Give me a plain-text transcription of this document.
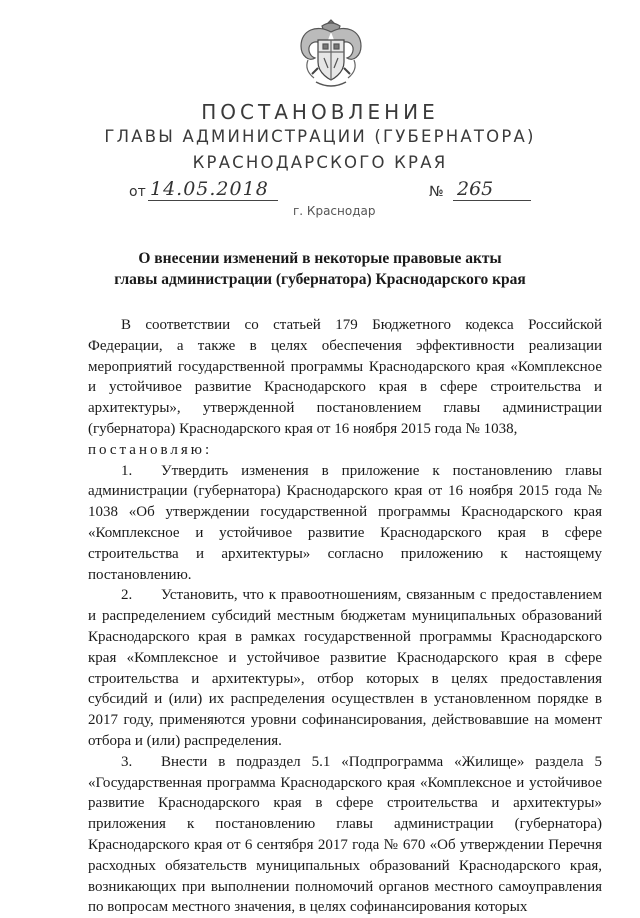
ПОСТАНОВЛЕНИЕ
ГЛАВЫ АДМИНИСТРАЦИИ (ГУБЕРНАТОРА)
КРАСНОДАРСКОГО КРАЯ
от 14.05.2018	№ 265
г. Краснодар
О внесении изменений в некоторые правовые акты
главы администрации (губернатора) Краснодарского края

В соответствии со статьей 179 Бюджетного кодекса Российской Федерации, а также в целях обеспечения эффективности реализации мероприятий государственной программы Краснодарского края «Комплексное и устойчивое развитие Краснодарского края в сфере строительства и архитектуры», утвержденной постановлением главы администрации (губернатора) Краснодарского края от 16 ноября 2015 года № 1038,

постановляю:

1. Утвердить изменения в приложение к постановлению главы администрации (губернатора) Краснодарского края от 16 ноября 2015 года № 1038 «Об утверждении государственной программы Краснодарского края «Комплексное и устойчивое развитие Краснодарского края в сфере строительства и архитектуры» согласно приложению к настоящему постановлению.

2. Установить, что к правоотношениям, связанным с предоставлением и распределением субсидий местным бюджетам муниципальных образований Краснодарского края в рамках государственной программы Краснодарского края «Комплексное и устойчивое развитие Краснодарского края в сфере строительства и архитектуры», отбор которых в целях предоставления субсидий и (или) их распределения осуществлен в установленном порядке в 2017 году, применяются уровни софинансирования, действовавшие на момент отбора и (или) распределения.

3. Внести в подраздел 5.1 «Подпрограмма «Жилище» раздела 5 «Государственная программа Краснодарского края «Комплексное и устойчивое развитие Краснодарского края в сфере строительства и архитектуры» приложения к постановлению главы администрации (губернатора) Краснодарского края от 6 сентября 2017 года № 670 «Об утверждении Перечня расходных обязательств муниципальных образований Краснодарского края, возникающих при выполнении полномочий органов местного самоуправления по вопросам местного значения, в целях софинансирования которых
